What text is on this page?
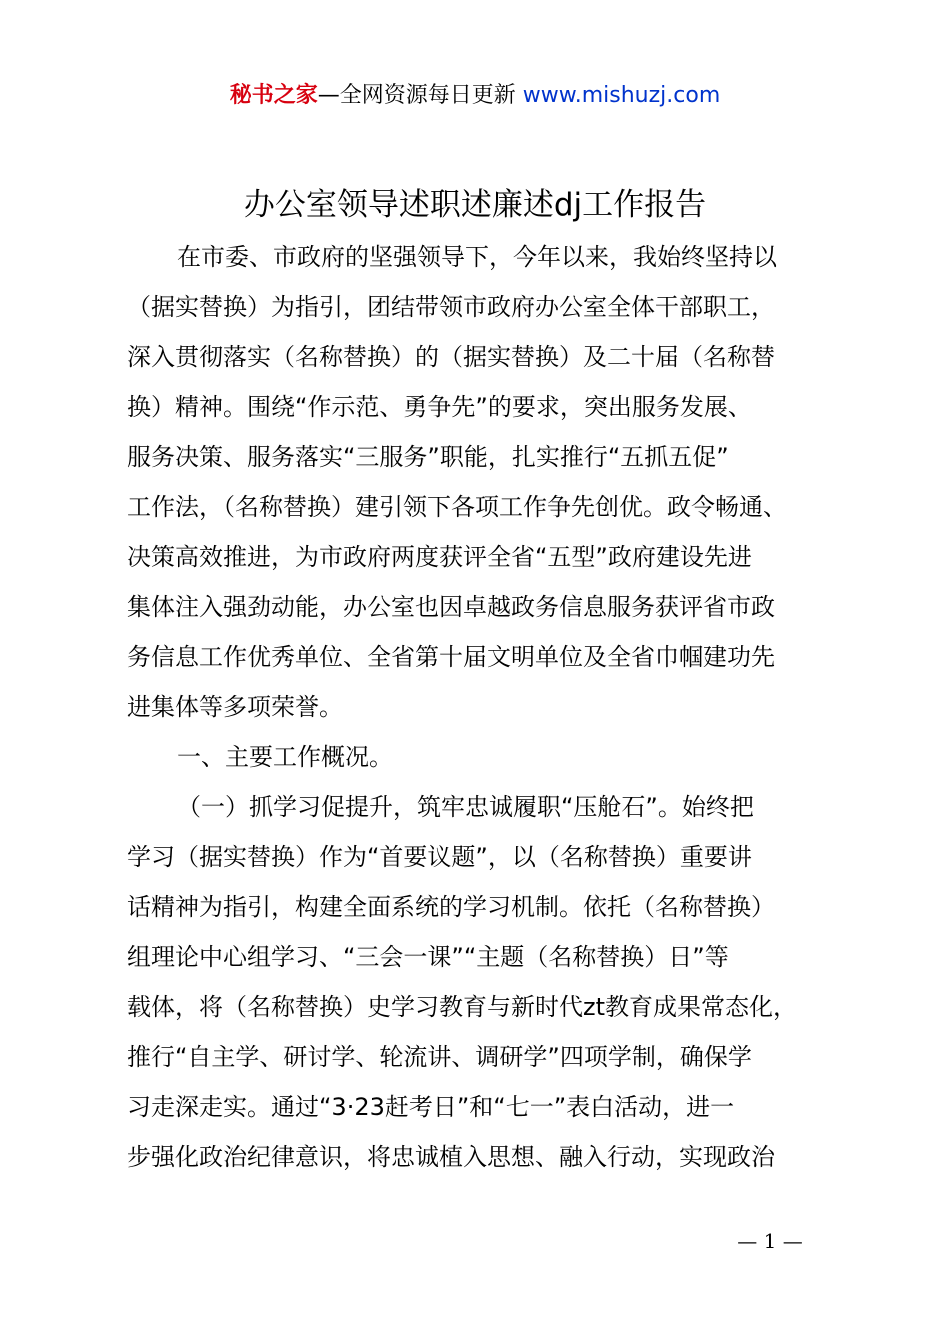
秘书之家—全网资源每日更新 www.mishuzj.com
办公室领导述职述廉述dj工作报告
在市委、市政府的坚强领导下，今年以来，我始终坚持以
（据实替换）为指引，团结带领市政府办公室全体干部职工，
深入贯彻落实（名称替换）的（据实替换）及二十届（名称替
换）精神。围绕“作示范、勇争先”的要求，突出服务发展、
服务决策、服务落实“三服务”职能，扎实推行“五抓五促”
工作法，（名称替换）建引领下各项工作争先创优。政令畅通、
决策高效推进，为市政府两度获评全省“五型”政府建设先进
集体注入强劲动能，办公室也因卓越政务信息服务获评省市政
务信息工作优秀单位、全省第十届文明单位及全省巾帼建功先
进集体等多项荣誉。
一、主要工作概况。
（一）抓学习促提升，筑牢忠诚履职“压舱石”。始终把
学习（据实替换）作为“首要议题”，以（名称替换）重要讲
话精神为指引，构建全面系统的学习机制。依托（名称替换）
组理论中心组学习、“三会一课”“主题（名称替换）日”等
载体，将（名称替换）史学习教育与新时代zt教育成果常态化，
推行“自主学、研讨学、轮流讲、调研学”四项学制，确保学
习走深走实。通过“3·23赶考日”和“七一”表白活动，进一
步强化政治纪律意识，将忠诚植入思想、融入行动，实现政治
— 1 —
